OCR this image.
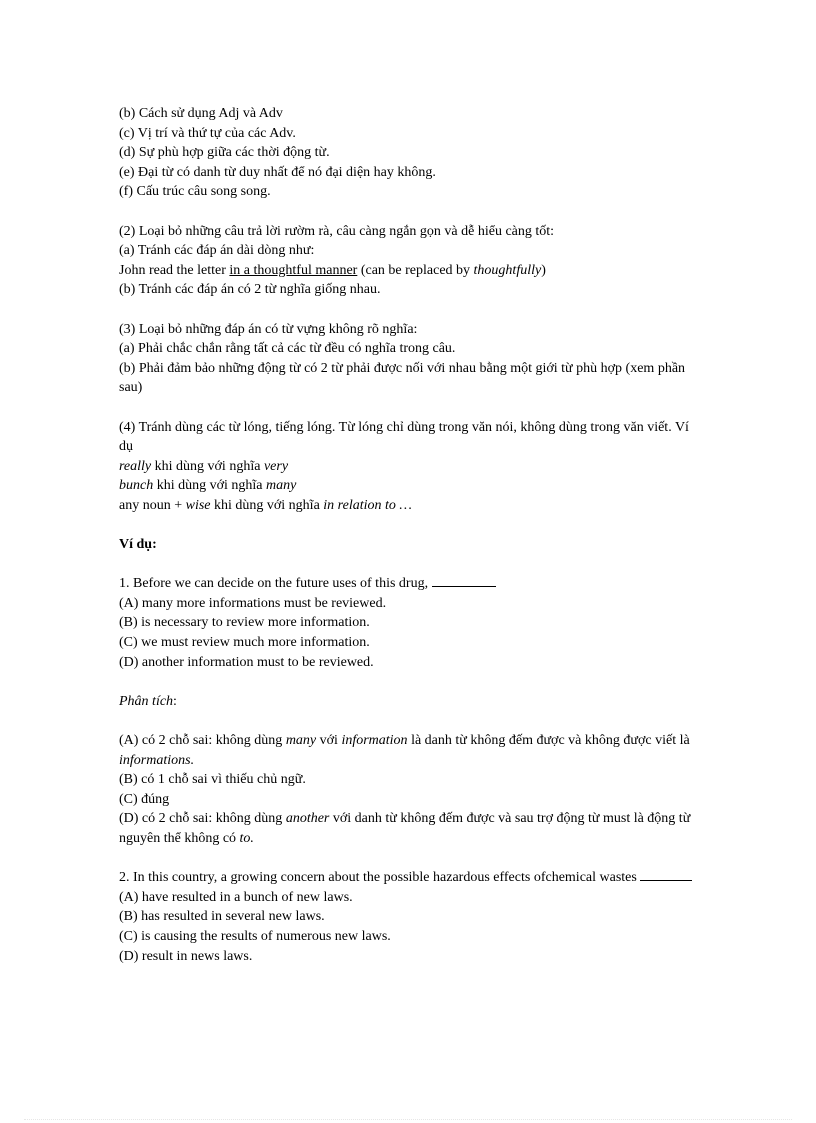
(b) Cách sử dụng Adj và Adv
(c) Vị trí và thứ tự của các Adv.
(d) Sự phù hợp giữa các thời động từ.
(e) Đại từ có danh từ duy nhất để nó đại diện hay không.
(f) Cấu trúc câu song song.
(2) Loại bỏ những câu trả lời rườm rà, câu càng ngắn gọn và dễ hiểu càng tốt:
(a) Tránh các đáp án dài dòng như:
John read the letter in a thoughtful manner (can be replaced by thoughtfully)
(b) Tránh các đáp án có 2 từ nghĩa giống nhau.
(3) Loại bỏ những đáp án có từ vựng không rõ nghĩa:
(a) Phải chắc chắn rằng tất cả các từ đều có nghĩa trong câu.
(b) Phải đảm bảo những động từ có 2 từ phải được nối với nhau bằng một giới từ phù hợp (xem phần sau)
(4) Tránh dùng các từ lóng, tiếng lóng. Từ lóng chỉ dùng trong văn nói, không dùng trong văn viết. Ví dụ
really khi dùng với nghĩa very
bunch khi dùng với nghĩa many
any noun + wise khi dùng với nghĩa in relation to …
Ví dụ:
1. Before we can decide on the future uses of this drug,
(A) many more informations must be reviewed.
(B) is necessary to review more information.
(C) we must review much more information.
(D) another information must to be reviewed.
Phân tích:
(A) có 2 chỗ sai: không dùng many với information là danh từ không đếm được và không được viết là informations.
(B) có 1 chỗ sai vì thiếu chủ ngữ.
(C) đúng
(D) có 2 chỗ sai: không dùng another với danh từ không đếm được và sau trợ động từ must là động từ nguyên thể không có to.
2. In this country, a growing concern about the possible hazardous effects ofchemical wastes
(A) have resulted in a bunch of new laws.
(B) has resulted in several new laws.
(C) is causing the results of numerous new laws.
(D) result in news laws.
